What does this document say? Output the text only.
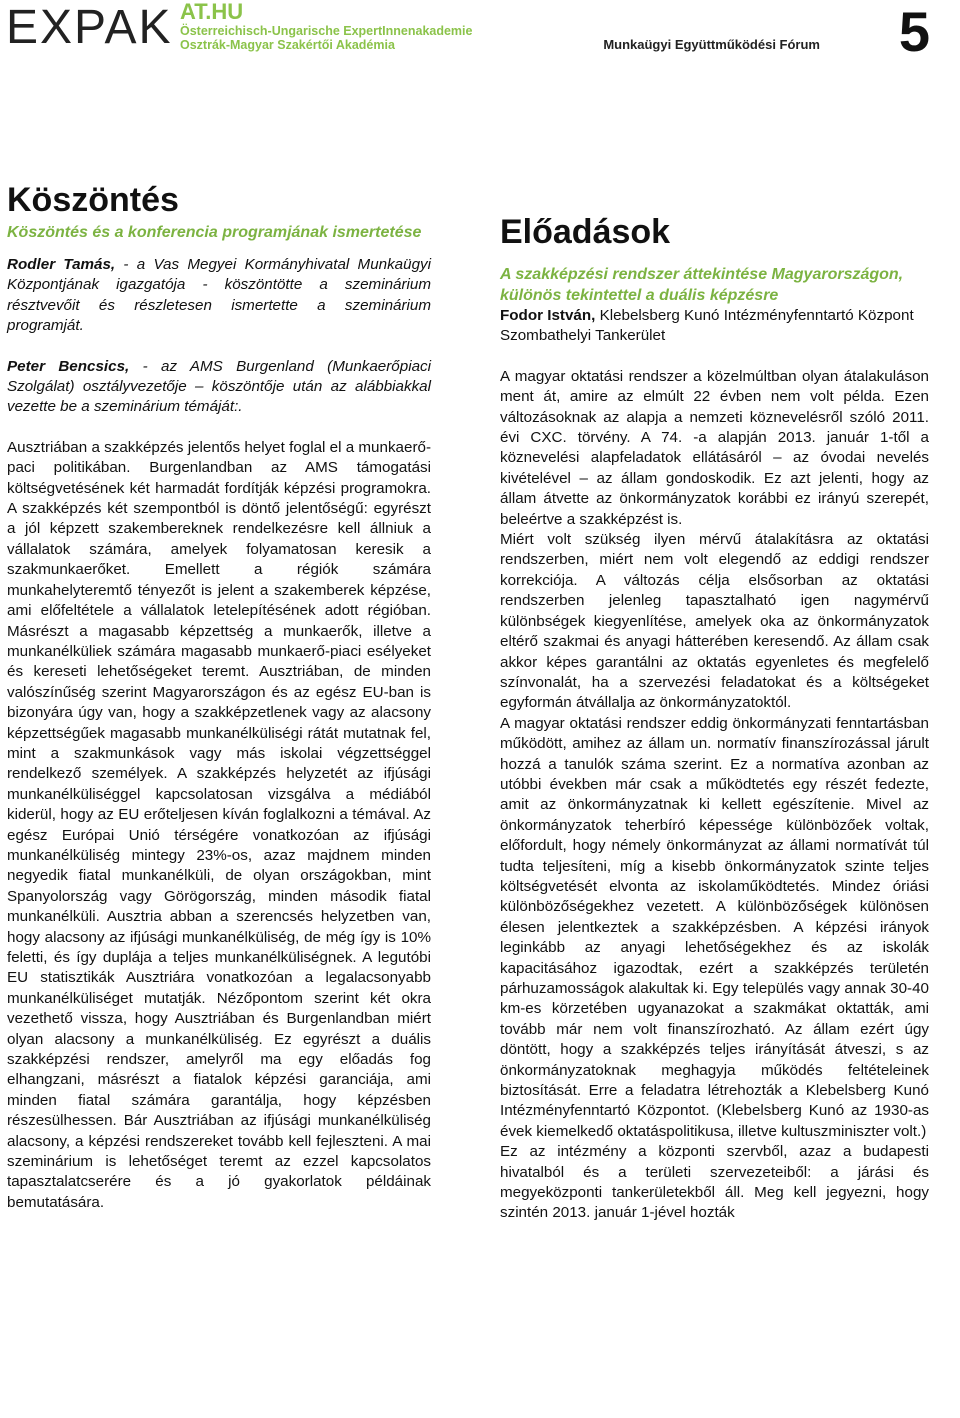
EXPAK AT.HU
Österreichisch-Ungarische ExpertInnenakademie
Osztrák-Magyar Szakértői Akadémia	Munkaügyi Együttműködési Fórum 5
Köszöntés

Köszöntés és a konferencia programjának ismertetése

Rodler Tamás, - a Vas Megyei Kormányhivatal Munkaügyi Központjának igazgatója - köszöntötte a szeminárium résztvevőit és részletesen ismertette a szeminárium programját.

Peter Bencsics, - az AMS Burgenland (Munkaerőpiaci Szolgálat) osztályvezetője – köszöntője után az alábbiakkal vezette be a szeminárium témáját:.

Ausztriában a szakképzés jelentős helyet foglal el a munkaerő-paci politikában. Burgenlandban az AMS támogatási költségvetésének két harmadát fordítják képzési programokra. A szakképzés két szempontból is döntő jelentőségű: egyrészt a jól képzett szakembereknek rendelkezésre kell állniuk a vállalatok számára, amelyek folyamatosan keresik a szakmunkaerőket. Emellett a régiók számára munkahelyteremtő tényezőt is jelent a szakemberek képzése, ami előfeltétele a vállalatok letelepítésének adott régióban. Másrészt a magasabb képzettség a munkaerők, illetve a munkanélküliek számára magasabb munkaerő-piaci esélyeket és kereseti lehetőségeket teremt. Ausztriában, de minden valószínűség szerint Magyarországon és az egész EU-ban is bizonyára úgy van, hogy a szakképzetlenek vagy az alacsony képzettségűek magasabb munkanélküliségi rátát mutatnak fel, mint a szakmunkások vagy más iskolai végzettséggel rendelkező személyek. A szakképzés helyzetét az ifjúsági munkanélküliséggel kapcsolatosan vizsgálva a médiából kiderül, hogy az EU erőteljesen kíván foglalkozni a témával. Az egész Európai Unió térségére vonatkozóan az ifjúsági munkanélküliség mintegy 23%-os, azaz majdnem minden negyedik fiatal munkanélküli, de olyan országokban, mint Spanyolország vagy Görögország, minden második fiatal munkanélküli. Ausztria abban a szerencsés helyzetben van, hogy alacsony az ifjúsági munkanélküliség, de még így is 10% feletti, és így duplája a teljes munkanélküliségnek. A legutóbi EU statisztikák Ausztriára vonatkozóan a legalacsonyabb munkanélküliséget mutatják. Nézőpontom szerint két okra vezethető vissza, hogy Ausztriában és Burgenlandban miért olyan alacsony a munkanélküliség. Ez egyrészt a duális szakképzési rendszer, amelyről ma egy előadás fog elhangzani, másrészt a fiatalok képzési garanciája, ami minden fiatal számára garantálja, hogy képzésben részesülhessen. Bár Ausztriában az ifjúsági munkanélküliség alacsony, a képzési rendszereket tovább kell fejleszteni. A mai szeminárium is lehetőséget teremt az ezzel kapcsolatos tapasztalatcserére és a jó gyakorlatok példáinak bemutatására.

Előadások

A szakképzési rendszer áttekintése Magyarországon, különös tekintettel a duális képzésre

Fodor István, Klebelsberg Kunó Intézményfenntartó Központ Szombathelyi Tankerület

A magyar oktatási rendszer a közelmúltban olyan átalakuláson ment át, amire az elmúlt 22 évben nem volt példa. Ezen változásoknak az alapja a nemzeti köznevelésről szóló 2011. évi CXC. törvény. A 74. -a alapján 2013. január 1-től a köznevelési alapfeladatok ellátásáról – az óvodai nevelés kivételével – az állam gondoskodik. Ez azt jelenti, hogy az állam átvette az önkormányzatok korábbi ez irányú szerepét, beleértve a szakképzést is.

Miért volt szükség ilyen mérvű átalakításra az oktatási rendszerben, miért nem volt elegendő az eddigi rendszer korrekciója. A változás célja elsősorban az oktatási rendszerben jelenleg tapasztalható igen nagymérvű különbségek kiegyenlítése, amelyek oka az önkormányzatok eltérő szakmai és anyagi hátterében keresendő. Az állam csak akkor képes garantálni az oktatás egyenletes és megfelelő színvonalát, ha a szervezési feladatokat és a költségeket egyformán átvállalja az önkormányzatoktól.

A magyar oktatási rendszer eddig önkormányzati fenntartásban működött, amihez az állam un. normatív finanszírozással járult hozzá a tanulók száma szerint. Ez a normatíva azonban az utóbbi években már csak a működtetés egy részét fedezte, amit az önkormányzatnak ki kellett egészítenie. Mivel az önkormányzatok teherbíró képessége különbözőek voltak, előfordult, hogy némely önkormányzat az állami normatívát túl tudta teljesíteni, míg a kisebb önkormányzatok szinte teljes költségvetését elvonta az iskolaműködtetés. Mindez óriási különbözőségekhez vezetett. A különbözőségek különösen élesen jelentkeztek a szakképzésben. A képzési irányok leginkább az anyagi lehetőségekhez és az iskolák kapacitásához igazodtak, ezért a szakképzés területén párhuzamosságok alakultak ki. Egy település vagy annak 30-40 km-es körzetében ugyanazokat a szakmákat oktatták, ami tovább már nem volt finanszírozható. Az állam ezért úgy döntött, hogy a szakképzés teljes irányítását átveszi, s az önkormányzatoknak meghagyja működés feltételeinek biztosítását. Erre a feladatra létrehozták a Klebelsberg Kunó Intézményfenntartó Központot. (Klebelsberg Kunó az 1930-as évek kiemelkedő oktatáspolitikusa, illetve kultuszminiszter volt.)

Ez az intézmény a központi szervből, azaz a budapesti hivatalból és a területi szervezeteiből: a járási és megyeközponti tankerületekből áll. Meg kell jegyezni, hogy szintén 2013. január 1-jével hozták
